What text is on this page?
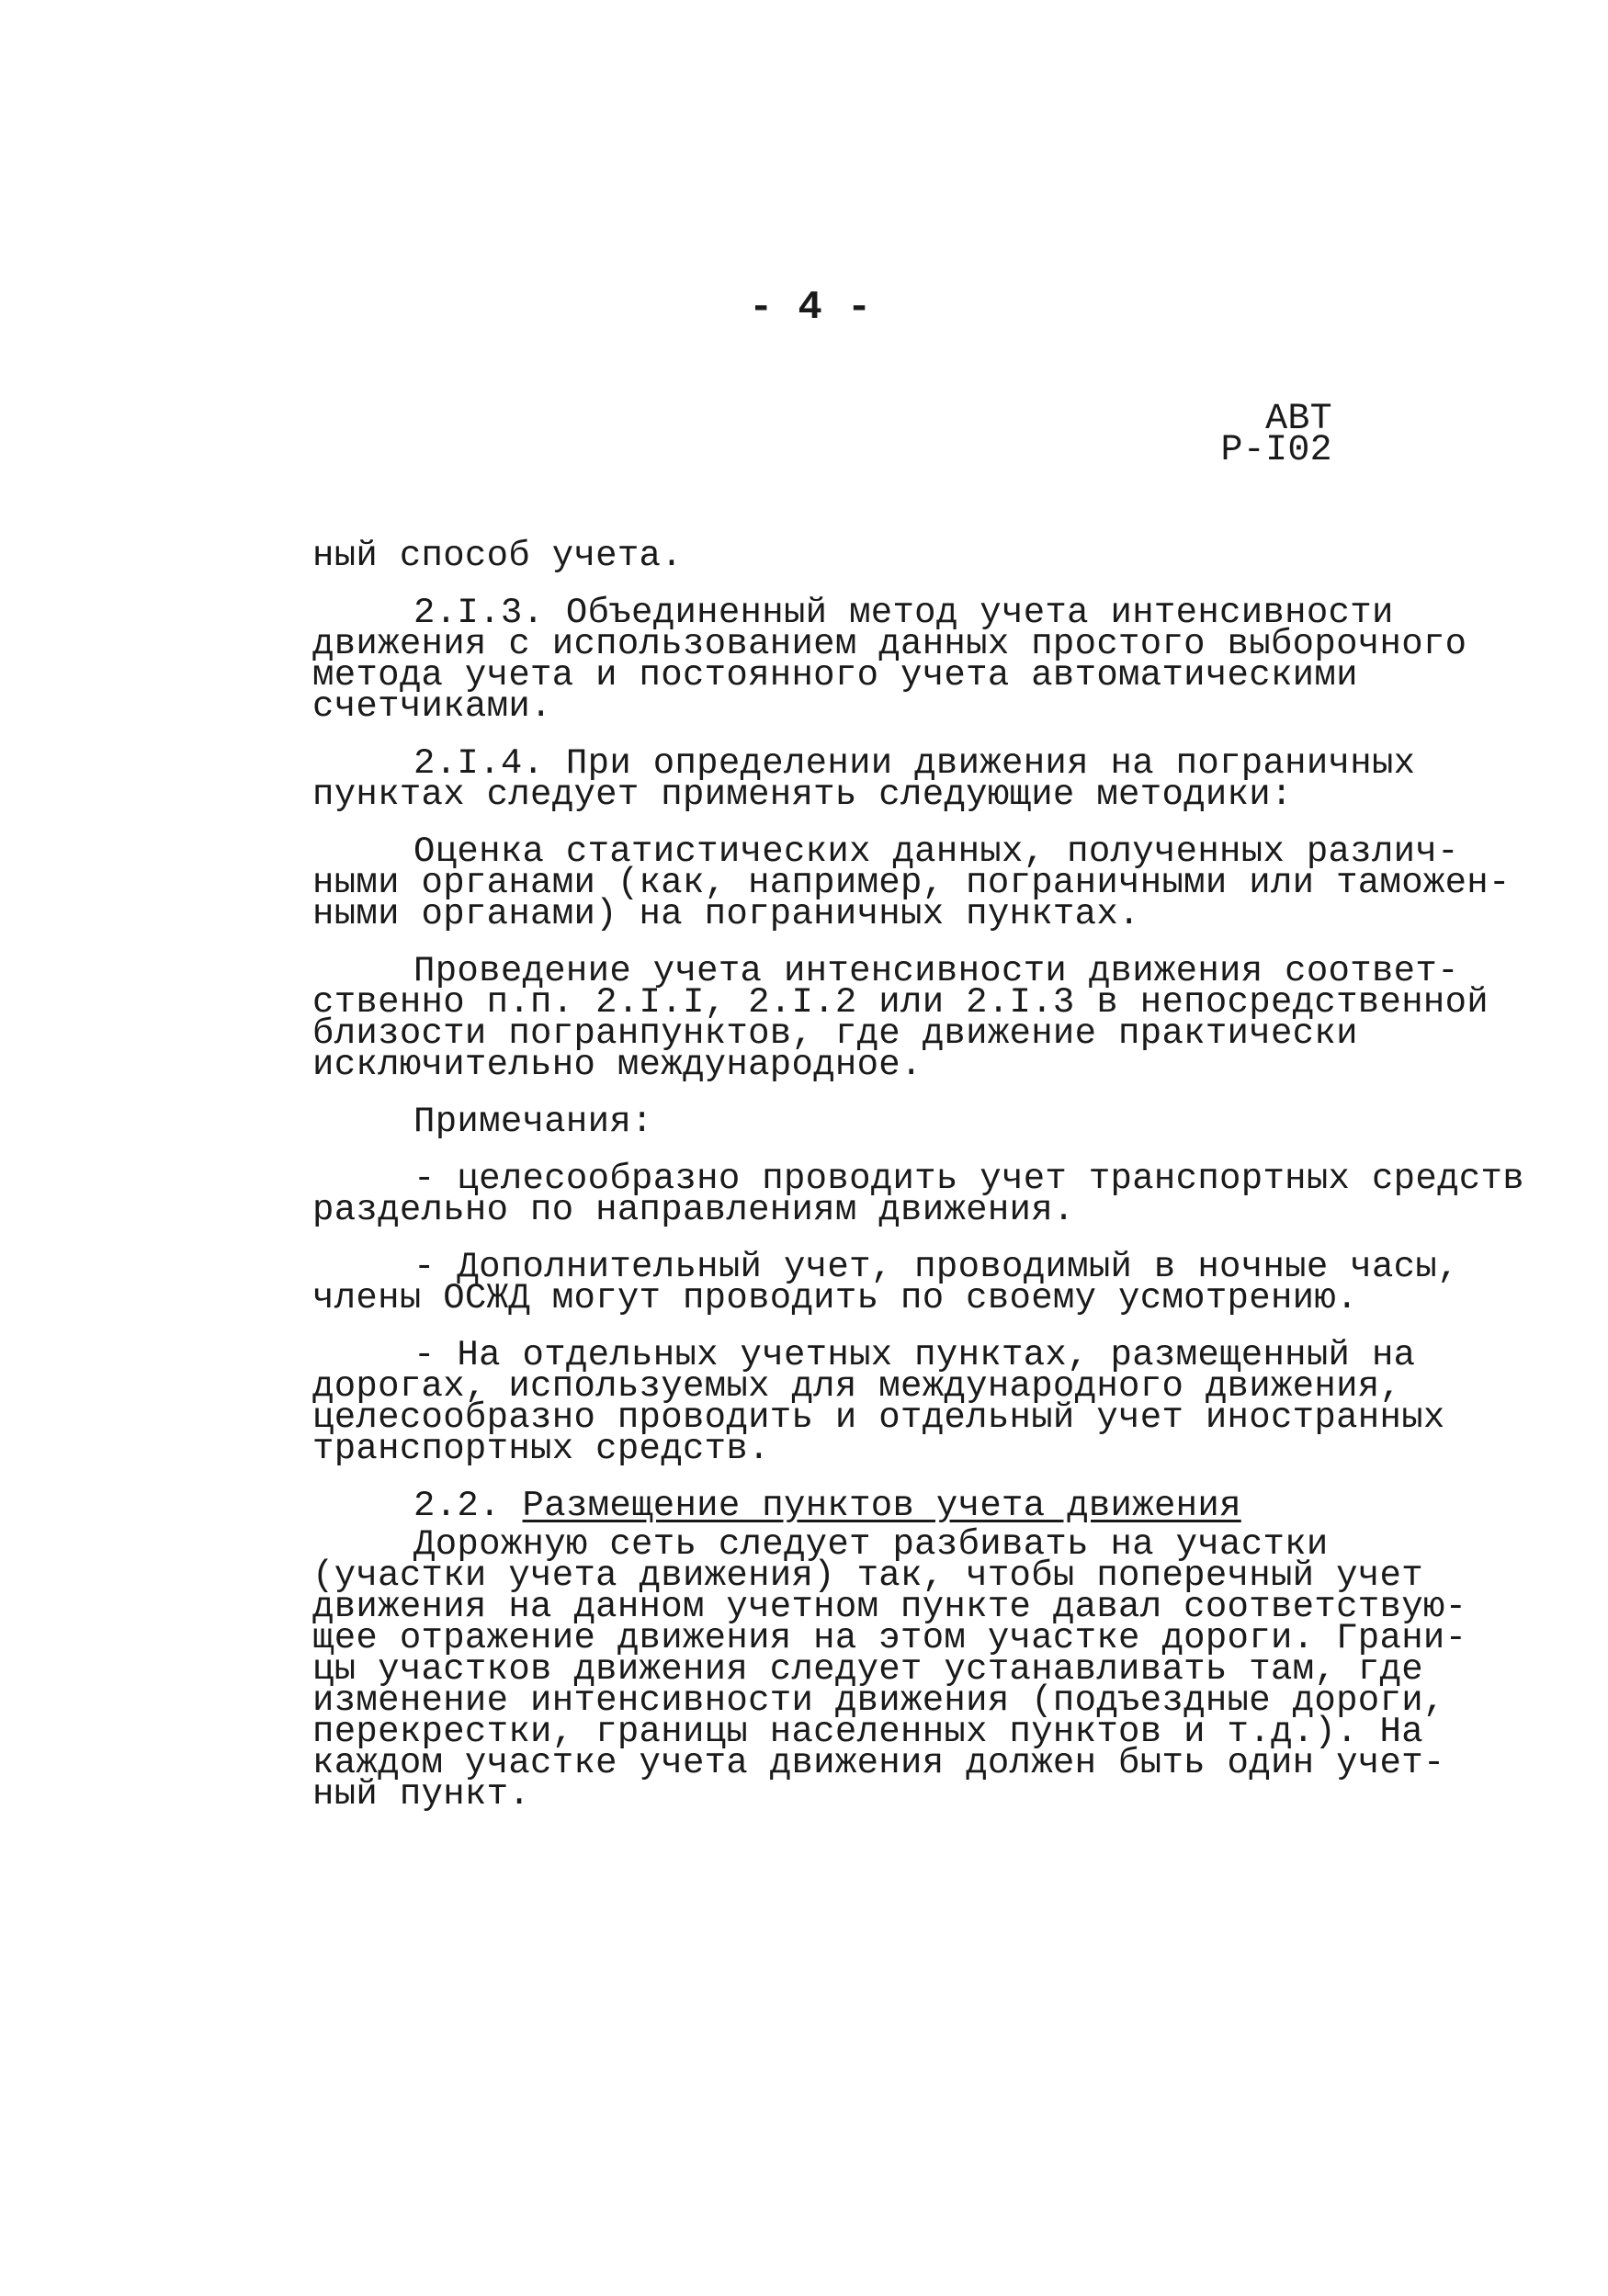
- 4 -
АВТ
Р-I02
ный способ учета.
2.I.3. Объединенный метод учета интенсивности
движения с использованием данных простого выборочного
метода учета и постоянного учета автоматическими
счетчиками.
2.I.4. При определении движения на пограничных
пунктах следует применять следующие методики:
Оценка статистических данных, полученных различ-
ными органами (как, например, пограничными или таможен-
ными органами) на пограничных пунктах.
Проведение учета интенсивности движения соответ-
ственно п.п. 2.I.I, 2.I.2 или 2.I.3 в непосредственной
близости погранпунктов, где движение практически
исключительно международное.
Примечания:
- целесообразно проводить учет транспортных средств
раздельно по направлениям движения.
- Дополнительный учет, проводимый в ночные часы,
члены ОСЖД могут проводить по своему усмотрению.
- На отдельных учетных пунктах, размещенный на
дорогах, используемых для международного движения,
целесообразно проводить и отдельный учет иностранных
транспортных средств.
2.2. Размещение пунктов учета движения
Дорожную сеть следует разбивать на участки
(участки учета движения) так, чтобы поперечный учет
движения на данном учетном пункте давал соответствую-
щее отражение движения на этом участке дороги. Грани-
цы участков движения следует устанавливать там, где
изменение интенсивности движения (подъездные дороги,
перекрестки, границы населенных пунктов и т.д.). На
каждом участке учета движения должен быть один учет-
ный пункт.
